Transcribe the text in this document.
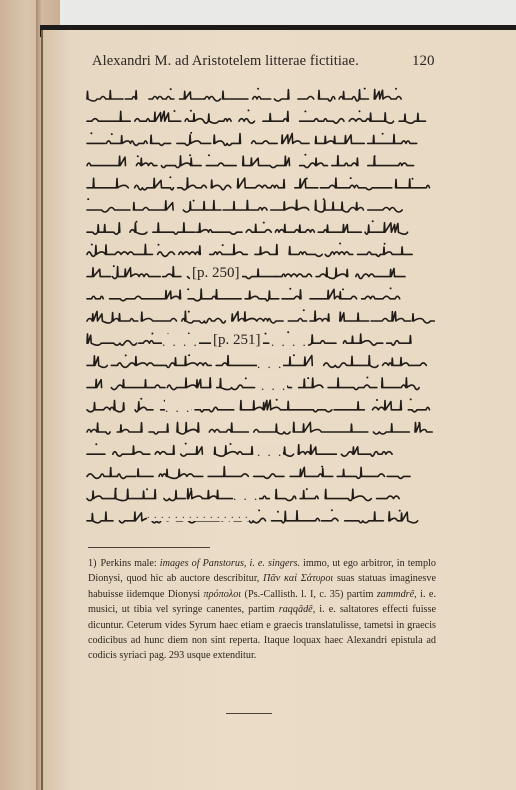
Alexandri M. ad Aristotelem litterae fictitiae.	120
[p. 250]
[p. 251]
. . . .	. . . .
. . .
. . .
. . .
. . .
. . .
. . . . . . . . . . . . . . .
1) Perkins male: images of Panstorus, i. e. singers. immo, ut ego arbitror, in templo Dionysi, quod hic ab auctore describitur, Πᾶν καὶ Σάτυροι suas statuas imaginesve habuisse iidemque Dionysi πρόπολοι (Ps.-Callisth. l. I, c. 35) partim zammdrê, i. e. musici, ut tibia vel syringe canentes, partim raqqâdê, i. e. saltatores effecti fuisse dicuntur. Ceterum vides Syrum haec etiam e graecis translatulisse, tametsi in graecis codicibus ad hunc diem non sint reperta. Itaque loquax haec Alexandri epistula ad codicis syriaci pag. 293 usque extenditur.
